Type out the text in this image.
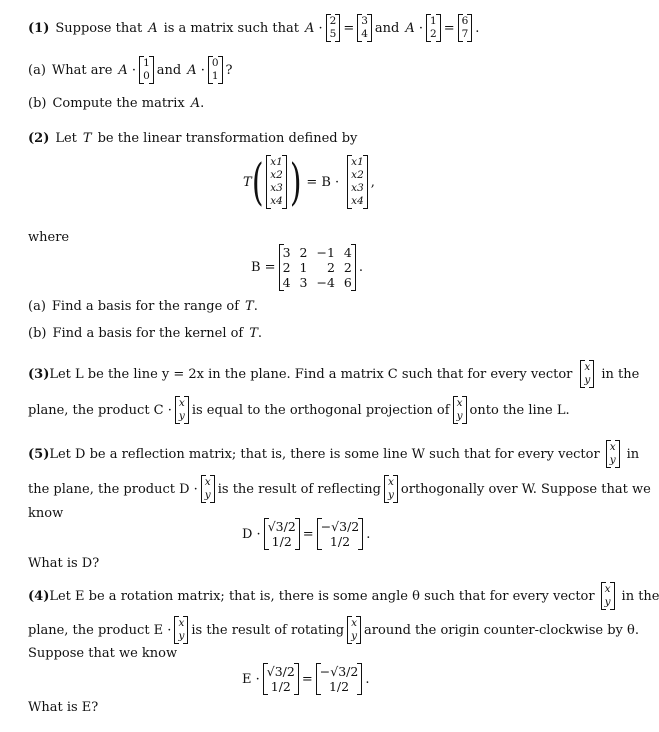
(1) Suppose that A is a matrix such that A · 2
5 = 3
4 and A · 1
2 = 6
7 .
(a) What are A · 1
0 and A · 0
1 ?
(b) Compute the matrix A .
(2) Let T be the linear transformation defined by
T ( x1
x2
x3
x4 ) = B ·
x1
x2
x3
x4
,
where
B =
3 2 −1 4
2 1	2 2
4 3 −4 6
.
(a) Find a basis for the range of T .
(b) Find a basis for the kernel of T .
(3) Let L be the line y = 2x in the plane. Find a matrix C such that for every vector x
y in the
plane, the product C · x
y is equal to the orthogonal projection of x
y onto the line L.
(5) Let D be a reflection matrix; that is, there is some line W such that for every vector x
y in
the plane, the product D · x
y is the result of reflecting x
y orthogonally over W. Suppose that we
know
D · √3/2
1/2 = −√3/2
1/2	.
What is D?
(4) Let E be a rotation matrix; that is, there is some angle θ such that for every vector x
y in the
plane, the product E · x
y is the result of rotating x
y around the origin counter-clockwise by θ.
Suppose that we know
E · √3/2
1/2 = −√3/2
1/2	.
What is E?
